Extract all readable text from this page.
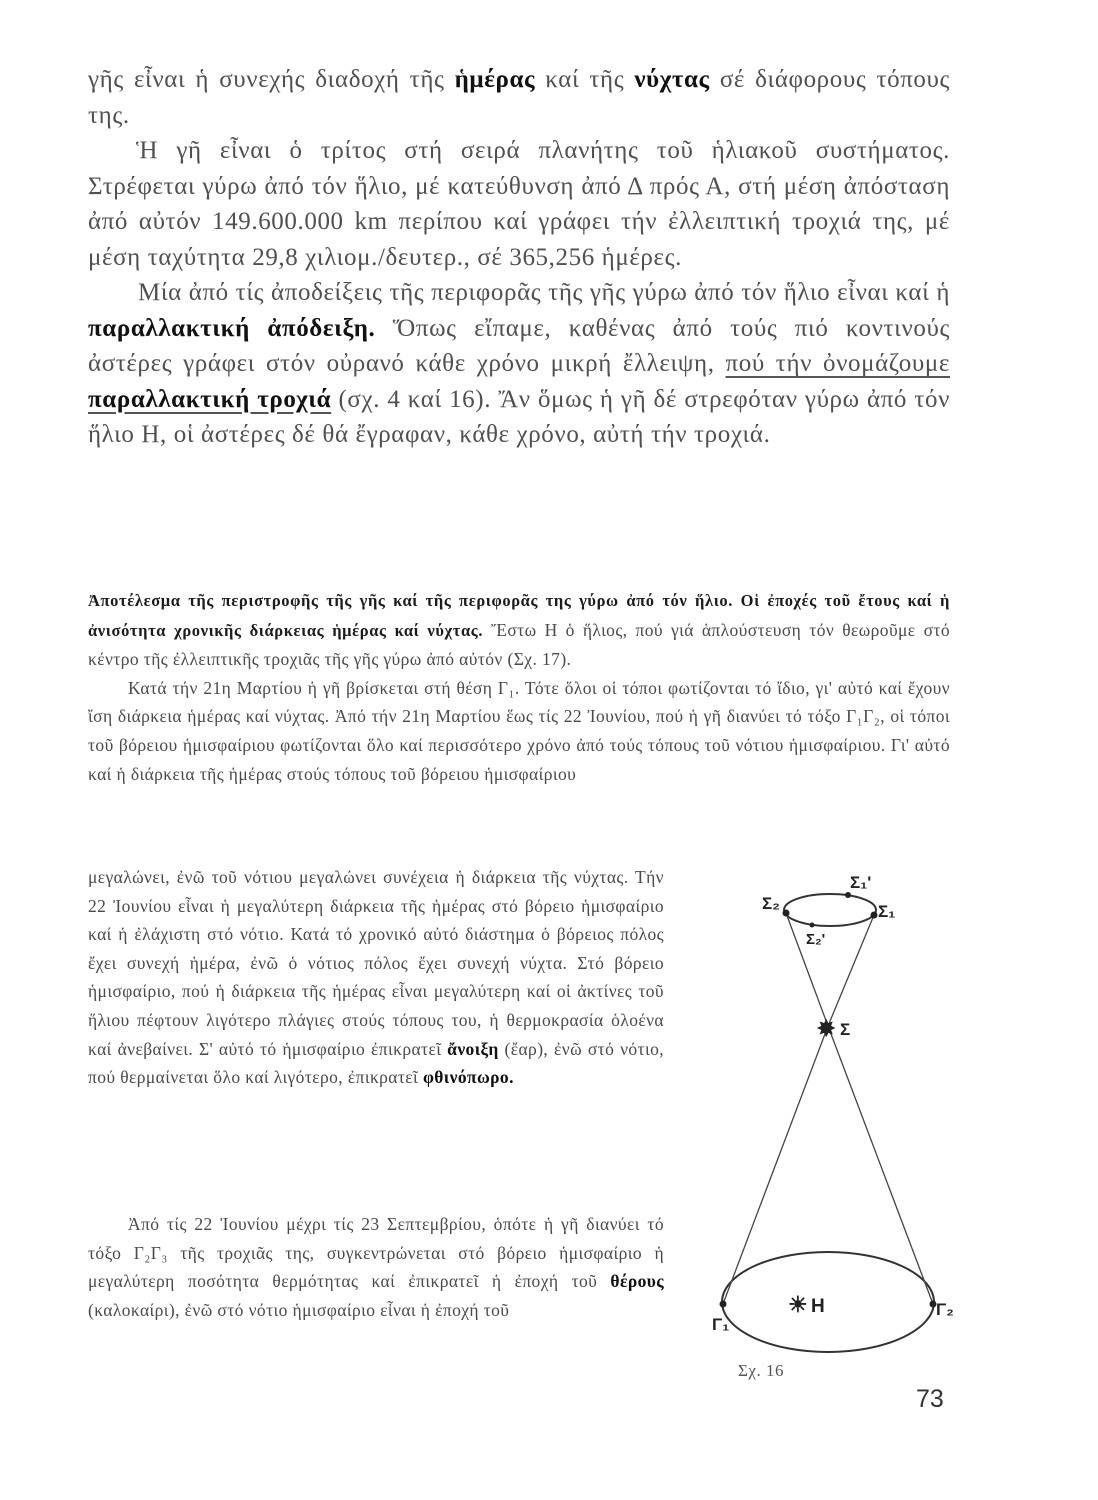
γῆς εἶναι ἡ συνεχής διαδοχή τῆς ἡμέρας καί τῆς νύχτας σέ διάφορους τόπους της.

Ἡ γῆ εἶναι ὁ τρίτος στή σειρά πλανήτης τοῦ ἡλιακοῦ συστήματος. Στρέφεται γύρω ἀπό τόν ἥλιο, μέ κατεύθυνση ἀπό Δ πρός Α, στή μέση ἀπόσταση ἀπό αὐτόν 149.600.000 km περίπου καί γράφει τήν ἐλλειπτική τροχιά της, μέ μέση ταχύτητα 29,8 χιλιομ./δευτερ., σέ 365,256 ἡμέρες.

Μία ἀπό τίς ἀποδείξεις τῆς περιφορᾶς τῆς γῆς γύρω ἀπό τόν ἥλιο εἶναι καί ἡ παραλλακτική ἀπόδειξη. Ὅπως εἴπαμε, καθένας ἀπό τούς πιό κοντινούς ἀστέρες γράφει στόν οὐρανό κάθε χρόνο μικρή ἔλλειψη, πού τήν ὀνομάζουμε παραλλακτική τροχιά (σχ. 4 καί 16). Ἄν ὅμως ἡ γῆ δέ στρεφόταν γύρω ἀπό τόν ἥλιο Η, οἱ ἀστέρες δέ θά ἔγραφαν, κάθε χρόνο, αὐτή τήν τροχιά.

Ἀποτέλεσμα τῆς περιστροφῆς τῆς γῆς καί τῆς περιφορᾶς της γύρω ἀπό τόν ἥλιο. Οἱ ἐποχές τοῦ ἔτους καί ἡ ἀνισότητα χρονικῆς διάρκειας ἡμέρας καί νύχτας. Ἔστω Η ὁ ἥλιος, πού γιά ἁπλούστευση τόν θεωροῦμε στό κέντρο τῆς ἐλλειπτικῆς τροχιᾶς τῆς γῆς γύρω ἀπό αὐτόν (Σχ. 17).

Κατά τήν 21η Μαρτίου ἡ γῆ βρίσκεται στή θέση Γ₁. Τότε ὅλοι οἱ τόποι φωτίζονται τό ἴδιο, γι' αὐτό καί ἔχουν ἴση διάρκεια ἡμέρας καί νύχτας. Ἀπό τήν 21η Μαρτίου ἕως τίς 22 Ἰουνίου, πού ἡ γῆ διανύει τό τόξο Γ₁Γ₂, οἱ τόποι τοῦ βόρειου ἡμισφαίριου φωτίζονται ὅλο καί περισσότερο χρόνο ἀπό τούς τόπους τοῦ νότιου ἡμισφαίριου. Γι' αὐτό καί ἡ διάρκεια τῆς ἡμέρας στούς τόπους τοῦ βόρειου ἡμισφαίριου

μεγαλώνει, ἐνῶ τοῦ νότιου μεγαλώνει συνέχεια ἡ διάρκεια τῆς νύχτας. Τήν 22 Ἰουνίου εἶναι ἡ μεγαλύτερη διάρκεια τῆς ἡμέρας στό βόρειο ἡμισφαίριο καί ἡ ἐλάχιστη στό νότιο. Κατά τό χρονικό αὐτό διάστημα ὁ βόρειος πόλος ἔχει συνεχή ἡμέρα, ἐνῶ ὁ νότιος πόλος ἔχει συνεχή νύχτα. Στό βόρειο ἡμισφαίριο, πού ἡ διάρκεια τῆς ἡμέρας εἶναι μεγαλύτερη καί οἱ ἀκτίνες τοῦ ἥλιου πέφτουν λιγότερο πλάγιες στούς τόπους του, ἡ θερμοκρασία ὁλοένα καί ἀνεβαίνει. Σ' αὐτό τό ἡμισφαίριο ἐπικρατεῖ ἄνοιξη (ἔαρ), ἐνῶ στό νότιο, πού θερμαίνεται ὅλο καί λιγότερο, ἐπικρατεῖ φθινόπωρο.

Ἀπό τίς 22 Ἰουνίου μέχρι τίς 23 Σεπτεμβρίου, ὁπότε ἡ γῆ διανύει τό τόξο Γ₂Γ₃ τῆς τροχιᾶς της, συγκεντρώνεται στό βόρειο ἡμισφαίριο ἡ μεγαλύτερη ποσότητα θερμότητας καί ἐπικρατεῖ ἡ ἐποχή τοῦ θέρους (καλοκαίρι), ἐνῶ στό νότιο ἡμισφαίριο εἶναι ἡ ἐποχή τοῦ

✸
☀
Σ₁'
Σ₂	Σ₁
Σ₂'
Σ
Γ₁
Η	Γ₂
Σχ. 16
73
